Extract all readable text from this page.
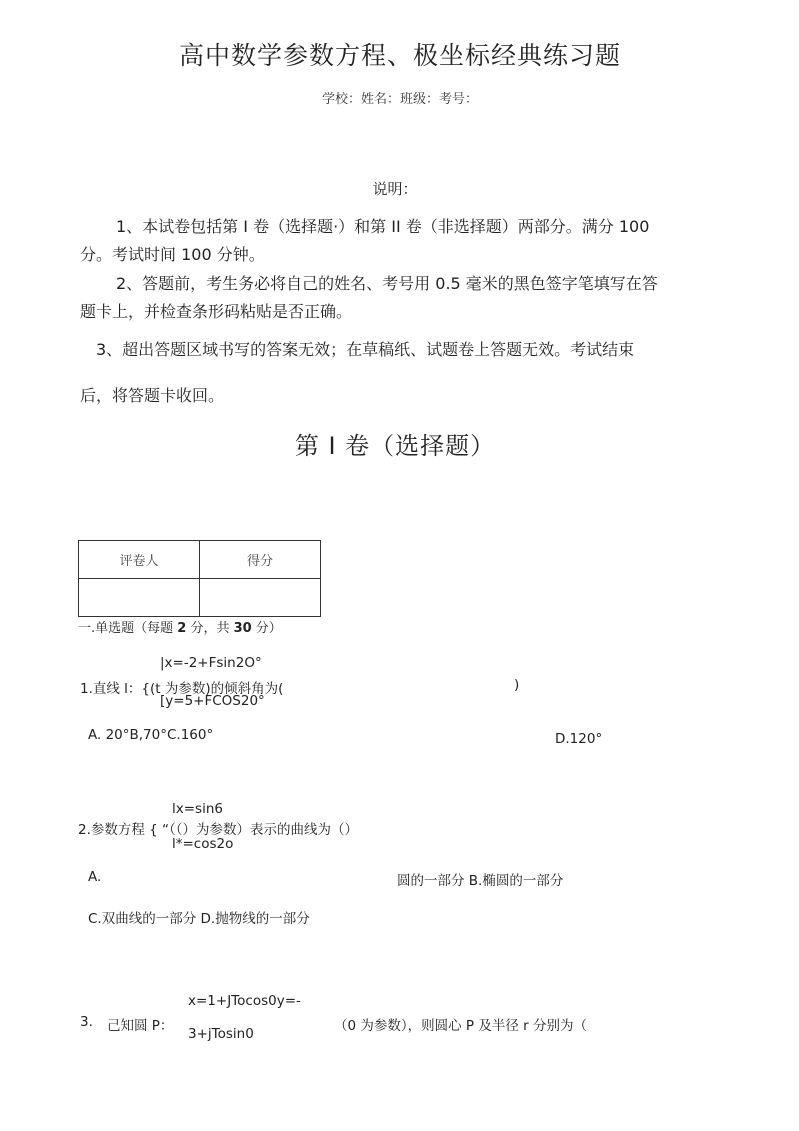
高中数学参数方程、极坐标经典练习题
学校：姓名：班级：考号：
说明：
1、本试卷包括第 I 卷（选择题·）和第 II 卷（非选择题）两部分。满分 100
分。考试时间 100 分钟。
2、答题前，考生务必将自己的姓名、考号用 0.5 毫米的黑色签字笔填写在答
题卡上，并检查条形码粘贴是否正确。
3、超出答题区域书写的答案无效；在草稿纸、试题卷上答题无效。考试结束
后，将答题卡收回。
第 I 卷（选择题）
评卷人	得分

一.单选题（每题 2 分，共 30 分）
|x=-2+Fsin2O°
1.直线 l：{(t 为参数)的倾斜角为(	)
[y=5+FCOS20°
A. 20°B,70°C.160°	D.120°
lx=sin6
2.参数方程 { “（（）为参数）表示的曲线为（）
l*=cos2o
A.	圆的一部分 B.椭圆的一部分
C.双曲线的一部分 D.抛物线的一部分
x=1+JTocos0y=-
3. 己知圆 P：	（0 为参数），则圆心 P 及半径 r 分别为（
3+jTosin0
